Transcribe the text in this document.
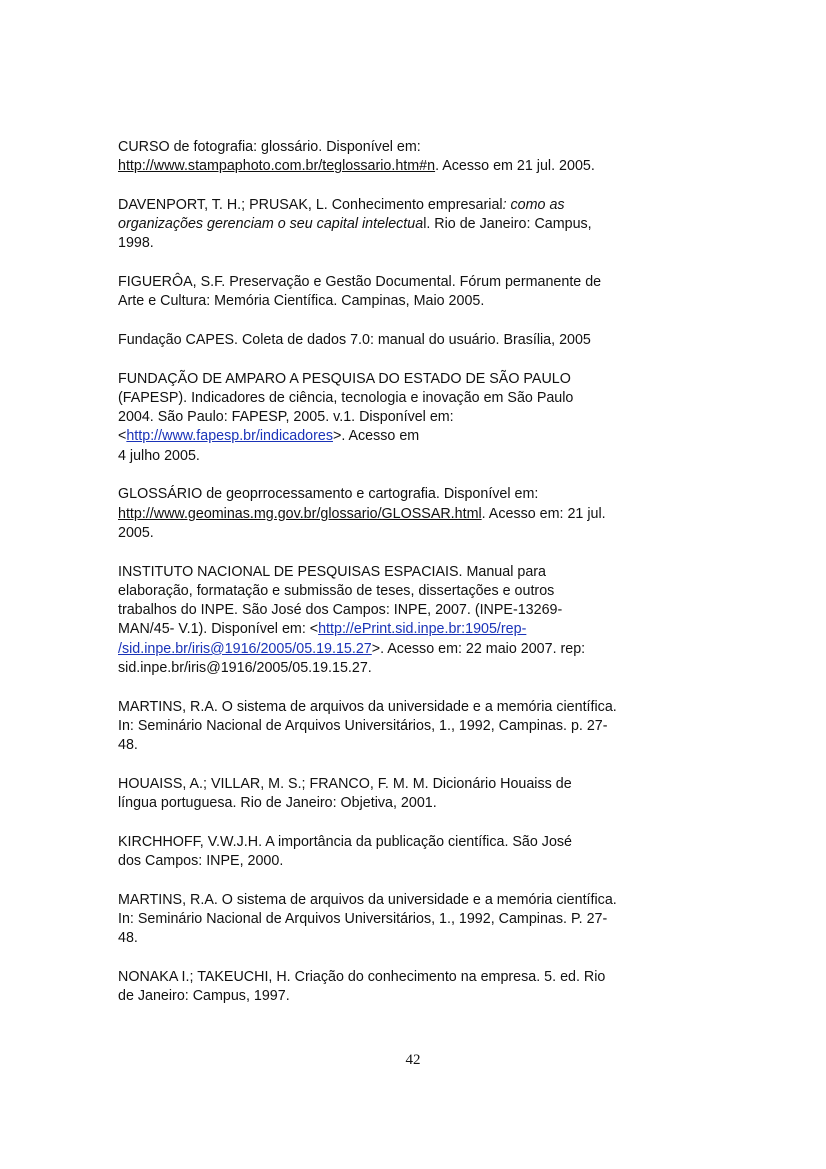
CURSO de fotografia: glossário. Disponível em:
http://www.stampaphoto.com.br/teglossario.htm#n. Acesso em 21 jul. 2005.
DAVENPORT, T. H.; PRUSAK, L. Conhecimento empresarial: como as
organizações gerenciam o seu capital intelectual. Rio de Janeiro: Campus,
1998.
FIGUERÔA, S.F. Preservação e Gestão Documental. Fórum permanente de
Arte e Cultura: Memória Científica. Campinas, Maio 2005.
Fundação CAPES. Coleta de dados 7.0: manual do usuário. Brasília, 2005
FUNDAÇÃO DE AMPARO A PESQUISA DO ESTADO DE SÃO PAULO
(FAPESP). Indicadores de ciência, tecnologia e inovação em São Paulo
2004. São Paulo: FAPESP, 2005. v.1. Disponível em:
<http://www.fapesp.br/indicadores>. Acesso em
4 julho 2005.
GLOSSÁRIO de geoprrocessamento e cartografia. Disponível em:
http://www.geominas.mg.gov.br/glossario/GLOSSAR.html. Acesso em: 21 jul.
2005.
INSTITUTO NACIONAL DE PESQUISAS ESPACIAIS. Manual para
elaboração, formatação e submissão de teses, dissertações e outros
trabalhos do INPE. São José dos Campos: INPE, 2007. (INPE-13269-
MAN/45- V.1). Disponível em: <http://ePrint.sid.inpe.br:1905/rep-
/sid.inpe.br/iris@1916/2005/05.19.15.27>. Acesso em: 22 maio 2007. rep:
sid.inpe.br/iris@1916/2005/05.19.15.27.
MARTINS, R.A. O sistema de arquivos da universidade e a memória científica.
In: Seminário Nacional de Arquivos Universitários, 1., 1992, Campinas. p. 27-
48.
HOUAISS, A.; VILLAR, M. S.; FRANCO, F. M. M. Dicionário Houaiss de
língua portuguesa. Rio de Janeiro: Objetiva, 2001.
KIRCHHOFF, V.W.J.H. A importância da publicação científica. São José
dos Campos: INPE, 2000.
MARTINS, R.A. O sistema de arquivos da universidade e a memória científica.
In: Seminário Nacional de Arquivos Universitários, 1., 1992, Campinas. P. 27-
48.
NONAKA I.; TAKEUCHI, H. Criação do conhecimento na empresa. 5. ed. Rio
de Janeiro: Campus, 1997.
42
